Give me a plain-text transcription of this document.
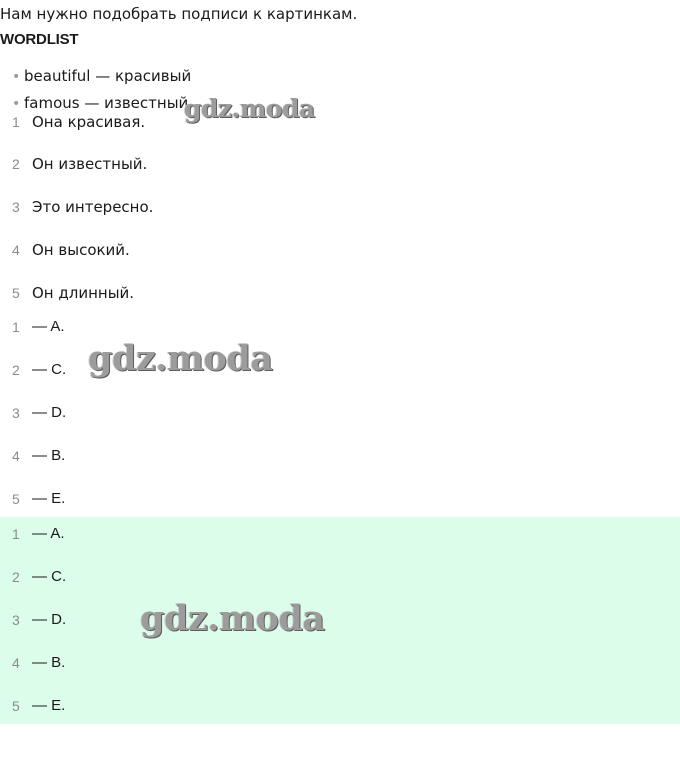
Нам нужно подобрать подписи к картинкам.
WORDLIST
• beautiful — красивый
• famous — известный
1 Она красивая.
2 Он известный.
3 Это интересно.
4 Он высокий.
5 Он длинный.
1 — A.
2 — C.
3 — D.
4 — B.
5 — E.
1 — A.
2 — C.
3 — D.
4 — B.
5 — E.
gdz.moda
gdz.moda
gdz.moda
